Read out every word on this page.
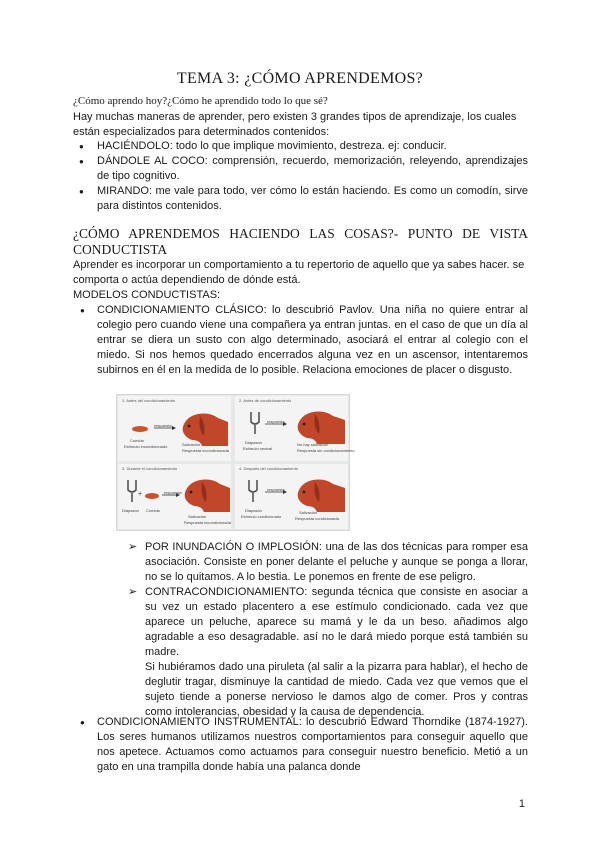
TEMA 3: ¿CÓMO APRENDEMOS?
¿Cómo aprendo hoy?¿Cómo he aprendido todo lo que sé?
Hay muchas maneras de aprender, pero existen 3 grandes tipos de aprendizaje, los cuales están especializados para determinados contenidos:
● HACIÉNDOLO: todo lo que implique movimiento, destreza. ej: conducir.
● DÁNDOLE AL COCO: comprensión, recuerdo, memorización, releyendo, aprendizajes de tipo cognitivo.
● MIRANDO: me vale para todo, ver cómo lo están haciendo. Es como un comodín, sirve para distintos contenidos.
¿CÓMO APRENDEMOS HACIENDO LAS COSAS?- PUNTO DE VISTA CONDUCTISTA
Aprender es incorporar un comportamiento a tu repertorio de aquello que ya sabes hacer. se comporta o actúa dependiendo de dónde está.
MODELOS CONDUCTISTAS:
● CONDICIONAMIENTO CLÁSICO: lo descubrió Pavlov. Una niña no quiere entrar al colegio pero cuando viene una compañera ya entran juntas. en el caso de que un día al entrar se diera un susto con algo determinado, asociará el entrar al colegio con el miedo. Si nos hemos quedado encerrados alguna vez en un ascensor, intentaremos subirnos en él en la medida de lo posible. Relaciona emociones de placer o disgusto.
1. Antes del condicionamiento
Comida
Estímulo incondicionado
respuesta
Salivación
Respuesta incondicionada
2. Antes de condicionamiento
Diapasón
Estímulo neutral
respuesta
No hay salivación
Respuesta sin condicionamiento
3. Durante el condicionamiento
+
Diapasón Comida
respuesta
Salivación
Respuesta incondicionada
4. Después del condicionamiento
Diapasón
Estímulo condicionado
respuesta
Salivación
Respuesta condicionada
➢ POR INUNDACIÓN O IMPLOSIÓN: una de las dos técnicas para romper esa asociación. Consiste en poner delante el peluche y aunque se ponga a llorar, no se lo quitamos. A lo bestia. Le ponemos en frente de ese peligro.
➢ CONTRACONDICIONAMIENTO: segunda técnica que consiste en asociar a su vez un estado placentero a ese estímulo condicionado. cada vez que aparece un peluche, aparece su mamá y le da un beso. añadimos algo agradable a eso desagradable. así no le dará miedo porque está también su madre.
Si hubiéramos dado una piruleta (al salir a la pizarra para hablar), el hecho de deglutir tragar, disminuye la cantidad de miedo. Cada vez que vemos que el sujeto tiende a ponerse nervioso le damos algo de comer. Pros y contras como intolerancias, obesidad y la causa de dependencia.
● CONDICIONAMIENTO INSTRUMENTAL: lo descubrió Edward Thorndike (1874-1927). Los seres humanos utilizamos nuestros comportamientos para conseguir aquello que nos apetece. Actuamos como actuamos para conseguir nuestro beneficio. Metió a un gato en una trampilla donde había una palanca donde
1
